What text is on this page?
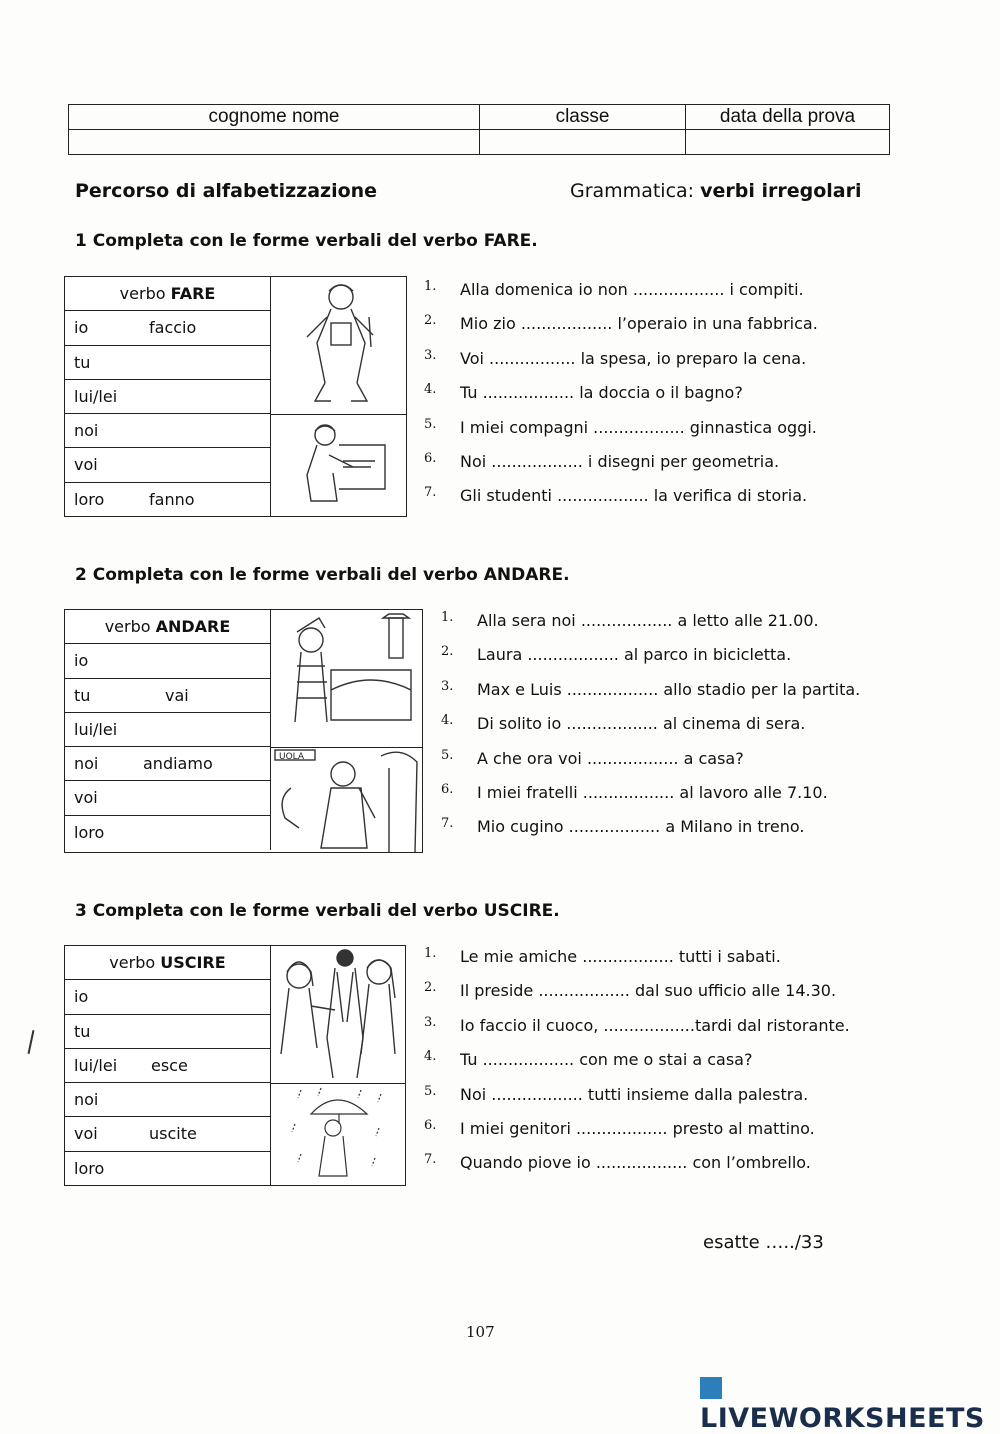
cognome nome	classe	data della prova

Percorso di alfabetizzazione	Grammatica: verbi irregolari
1 Completa con le forme verbali del verbo FARE.
verbo FARE
io	faccio
tu
lui/lei
noi
voi
loro	fanno
1. Alla domenica io non .................. i compiti.
2. Mio zio .................. l’operaio in una fabbrica.
3. Voi ................. la spesa, io preparo la cena.
4. Tu .................. la doccia o il bagno?
5. I miei compagni .................. ginnastica oggi.
6. Noi .................. i disegni per geometria.
7. Gli studenti .................. la verifica di storia.
2 Completa con le forme verbali del verbo ANDARE.
verbo ANDARE
io
tu	vai
lui/lei
noi	andiamo
voi
loro
UOLA
1. Alla sera noi .................. a letto alle 21.00.
2. Laura .................. al parco in bicicletta.
3. Max e Luis .................. allo stadio per la partita.
4. Di solito io .................. al cinema di sera.
5. A che ora voi .................. a casa?
6. I miei fratelli .................. al lavoro alle 7.10.
7. Mio cugino .................. a Milano in treno.
3 Completa con le forme verbali del verbo USCIRE.
verbo USCIRE
io
tu
lui/lei esce
noi
voi	uscite
loro
1. Le mie amiche .................. tutti i sabati.
2. Il preside .................. dal suo ufficio alle 14.30.
3. Io faccio il cuoco, ..................tardi dal ristorante.
4. Tu .................. con me o stai a casa?
5. Noi .................. tutti insieme dalla palestra.
6. I miei genitori .................. presto al mattino.
7. Quando piove io .................. con l’ombrello.
esatte …../33
107
LIVEWORKSHEETS
